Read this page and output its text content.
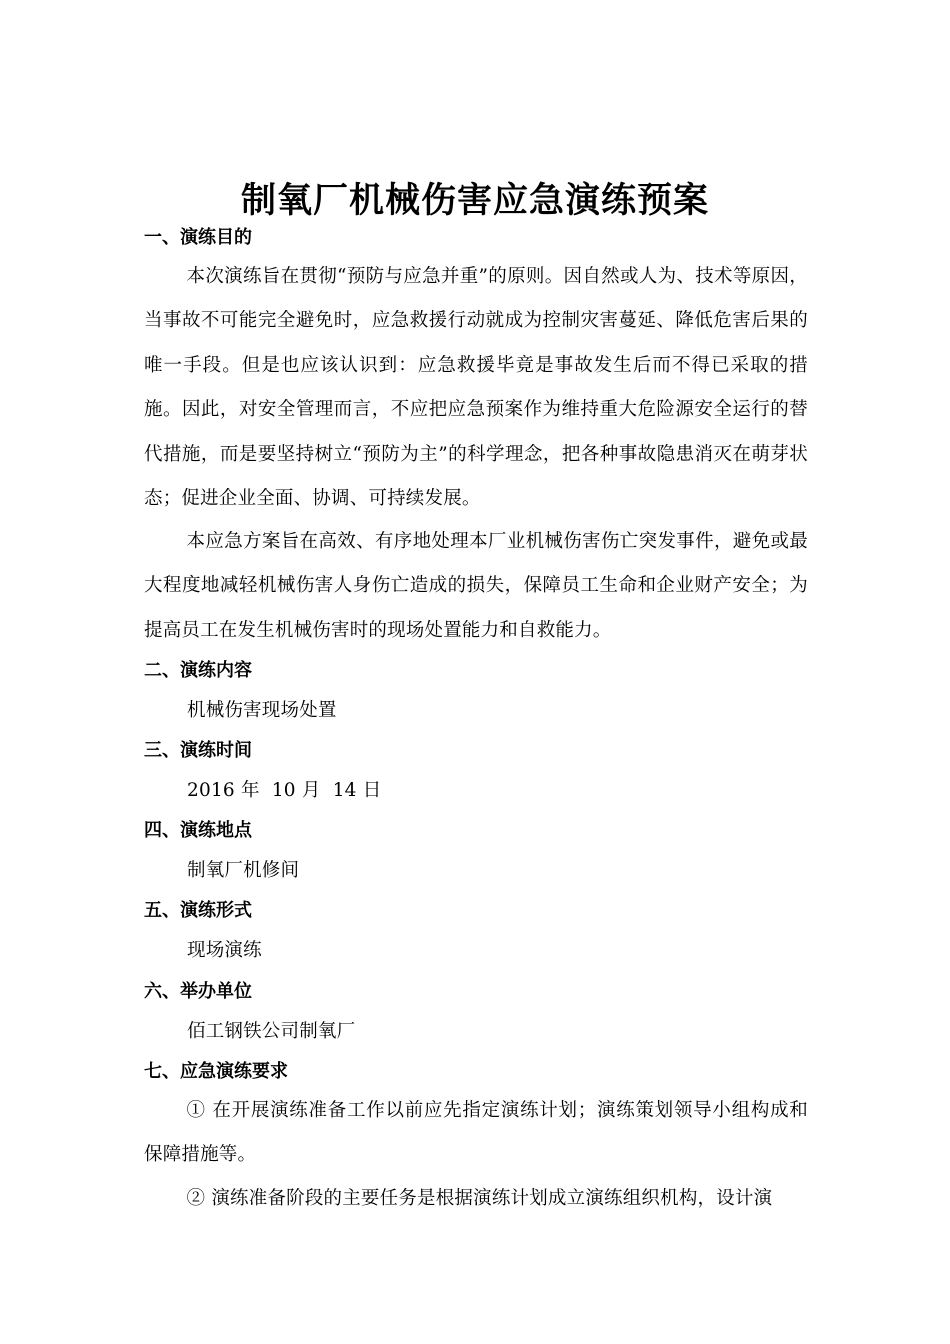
制氧厂机械伤害应急演练预案
一、演练目的

本次演练旨在贯彻“预防与应急并重”的原则。因自然或人为、技术等原因，当事故不可能完全避免时，应急救援行动就成为控制灾害蔓延、降低危害后果的唯一手段。但是也应该认识到：应急救援毕竟是事故发生后而不得已采取的措施。因此，对安全管理而言，不应把应急预案作为维持重大危险源安全运行的替代措施，而是要坚持树立“预防为主”的科学理念，把各种事故隐患消灭在萌芽状态；促进企业全面、协调、可持续发展。

本应急方案旨在高效、有序地处理本厂业机械伤害伤亡突发事件，避免或最大程度地减轻机械伤害人身伤亡造成的损失，保障员工生命和企业财产安全；为提高员工在发生机械伤害时的现场处置能力和自救能力。

二、演练内容
机械伤害现场处置
三、演练时间
2016 年  10 月  14 日
四、演练地点
制氧厂机修间
五、演练形式
现场演练
六、举办单位
佰工钢铁公司制氧厂
七、应急演练要求

① 在开展演练准备工作以前应先指定演练计划；演练策划领导小组构成和保障措施等。

② 演练准备阶段的主要任务是根据演练计划成立演练组织机构，设计演
